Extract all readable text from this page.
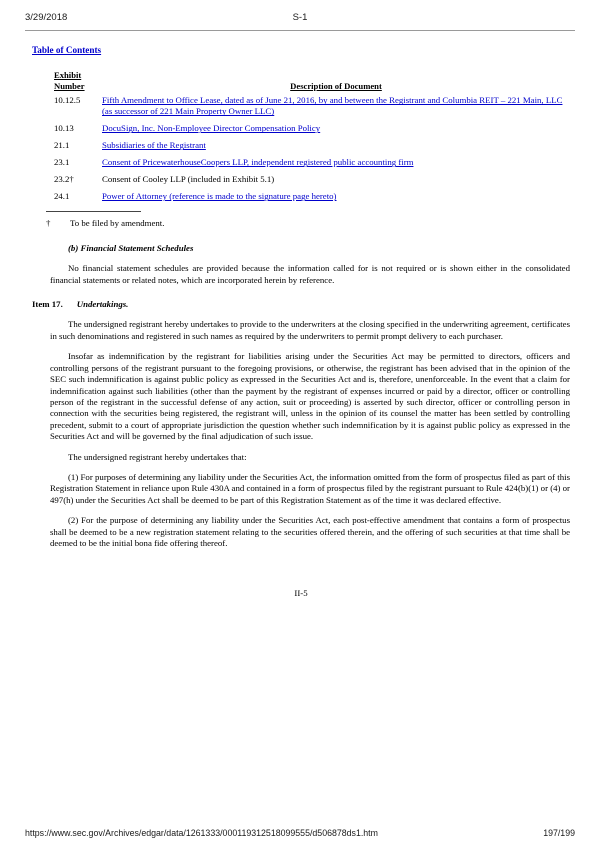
3/29/2018	S-1
Table of Contents
Exhibit Number	Description of Document
10.12.5	Fifth Amendment to Office Lease, dated as of June 21, 2016, by and between the Registrant and Columbia REIT – 221 Main, LLC (as successor of 221 Main Property Owner LLC)
10.13	DocuSign, Inc. Non-Employee Director Compensation Policy
21.1	Subsidiaries of the Registrant
23.1	Consent of PricewaterhouseCoopers LLP, independent registered public accounting firm
23.2†	Consent of Cooley LLP (included in Exhibit 5.1)
24.1	Power of Attorney (reference is made to the signature page hereto)
†	To be filed by amendment.
(b) Financial Statement Schedules

No financial statement schedules are provided because the information called for is not required or is shown either in the consolidated financial statements or related notes, which are incorporated herein by reference.

Item 17. Undertakings.

The undersigned registrant hereby undertakes to provide to the underwriters at the closing specified in the underwriting agreement, certificates in such denominations and registered in such names as required by the underwriters to permit prompt delivery to each purchaser.

Insofar as indemnification by the registrant for liabilities arising under the Securities Act may be permitted to directors, officers and controlling persons of the registrant pursuant to the foregoing provisions, or otherwise, the registrant has been advised that in the opinion of the SEC such indemnification is against public policy as expressed in the Securities Act and is, therefore, unenforceable. In the event that a claim for indemnification against such liabilities (other than the payment by the registrant of expenses incurred or paid by a director, officer or controlling person of the registrant in the successful defense of any action, suit or proceeding) is asserted by such director, officer or controlling person in connection with the securities being registered, the registrant will, unless in the opinion of its counsel the matter has been settled by controlling precedent, submit to a court of appropriate jurisdiction the question whether such indemnification by it is against public policy as expressed in the Securities Act and will be governed by the final adjudication of such issue.

The undersigned registrant hereby undertakes that:

(1) For purposes of determining any liability under the Securities Act, the information omitted from the form of prospectus filed as part of this Registration Statement in reliance upon Rule 430A and contained in a form of prospectus filed by the registrant pursuant to Rule 424(b)(1) or (4) or 497(h) under the Securities Act shall be deemed to be part of this Registration Statement as of the time it was declared effective.

(2) For the purpose of determining any liability under the Securities Act, each post-effective amendment that contains a form of prospectus shall be deemed to be a new registration statement relating to the securities offered therein, and the offering of such securities at that time shall be deemed to be the initial bona fide offering thereof.

II-5
https://www.sec.gov/Archives/edgar/data/1261333/000119312518099555/d506878ds1.htm	197/199
